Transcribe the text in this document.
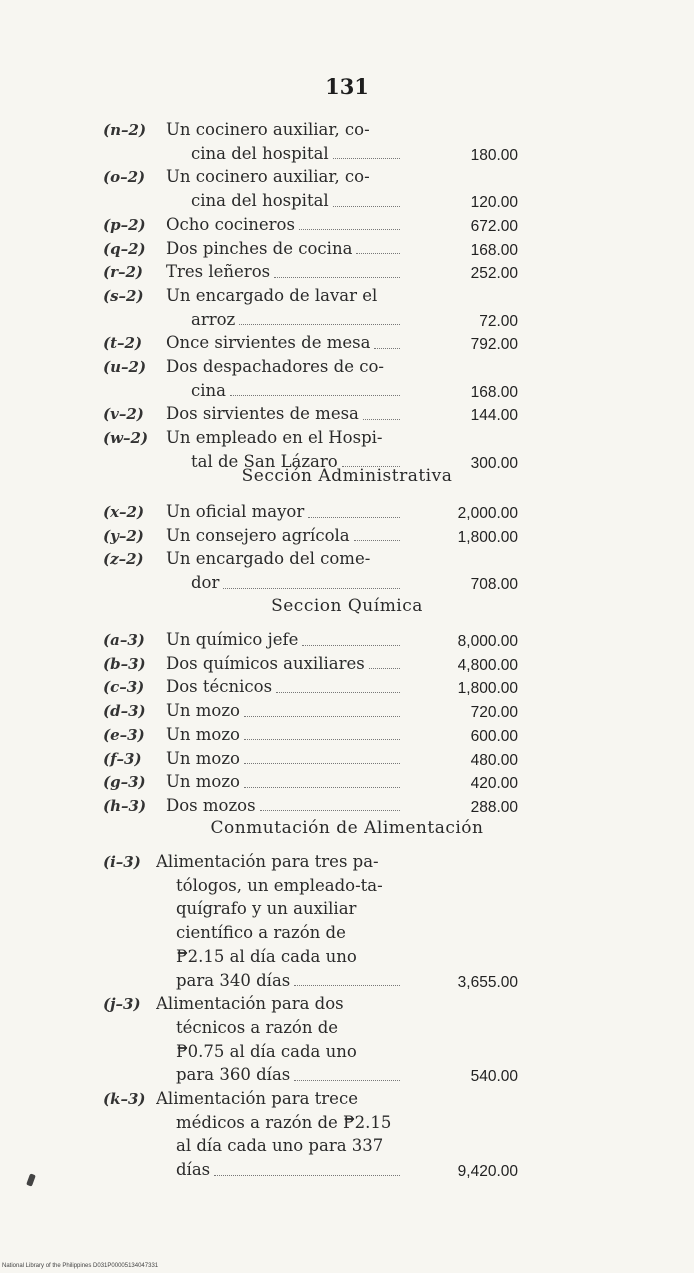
131
(n–2) Un cocinero auxiliar, co-
cina del hospital	180.00
(o–2) Un cocinero auxiliar, co-
cina del hospital	120.00
(p–2) Ocho cocineros	672.00
(q–2) Dos pinches de cocina	168.00
(r–2) Tres leñeros	252.00
(s–2) Un encargado de lavar el
arroz	72.00
(t–2) Once sirvientes de mesa	792.00
(u–2) Dos despachadores de co-
cina	168.00
(v–2) Dos sirvientes de mesa	144.00
(w–2) Un empleado en el Hospi-
tal de San Lázaro	300.00
Sección Administrativa
(x–2) Un oficial mayor	2,000.00
(y–2) Un consejero agrícola	1,800.00
(z–2) Un encargado del come-
dor	708.00
Seccion Química
(a–3) Un químico jefe	8,000.00
(b–3) Dos químicos auxiliares	4,800.00
(c–3) Dos técnicos	1,800.00
(d–3) Un mozo	720.00
(e–3) Un mozo	600.00
(f–3) Un mozo	480.00
(g–3) Un mozo	420.00
(h–3) Dos mozos	288.00
Conmutación de Alimentación
(i–3) Alimentación para tres pa-
tólogos, un empleado-ta-
quígrafo y un auxiliar
científico a razón de
₱2.15 al día cada uno
para 340 días	3,655.00
(j–3) Alimentación para dos
técnicos a razón de
₱0.75 al día cada uno
para 360 días	540.00
(k–3) Alimentación para trece
médicos a razón de ₱2.15
al día cada uno para 337
días	9,420.00
National Library of the Philippines D031P00005134047331
